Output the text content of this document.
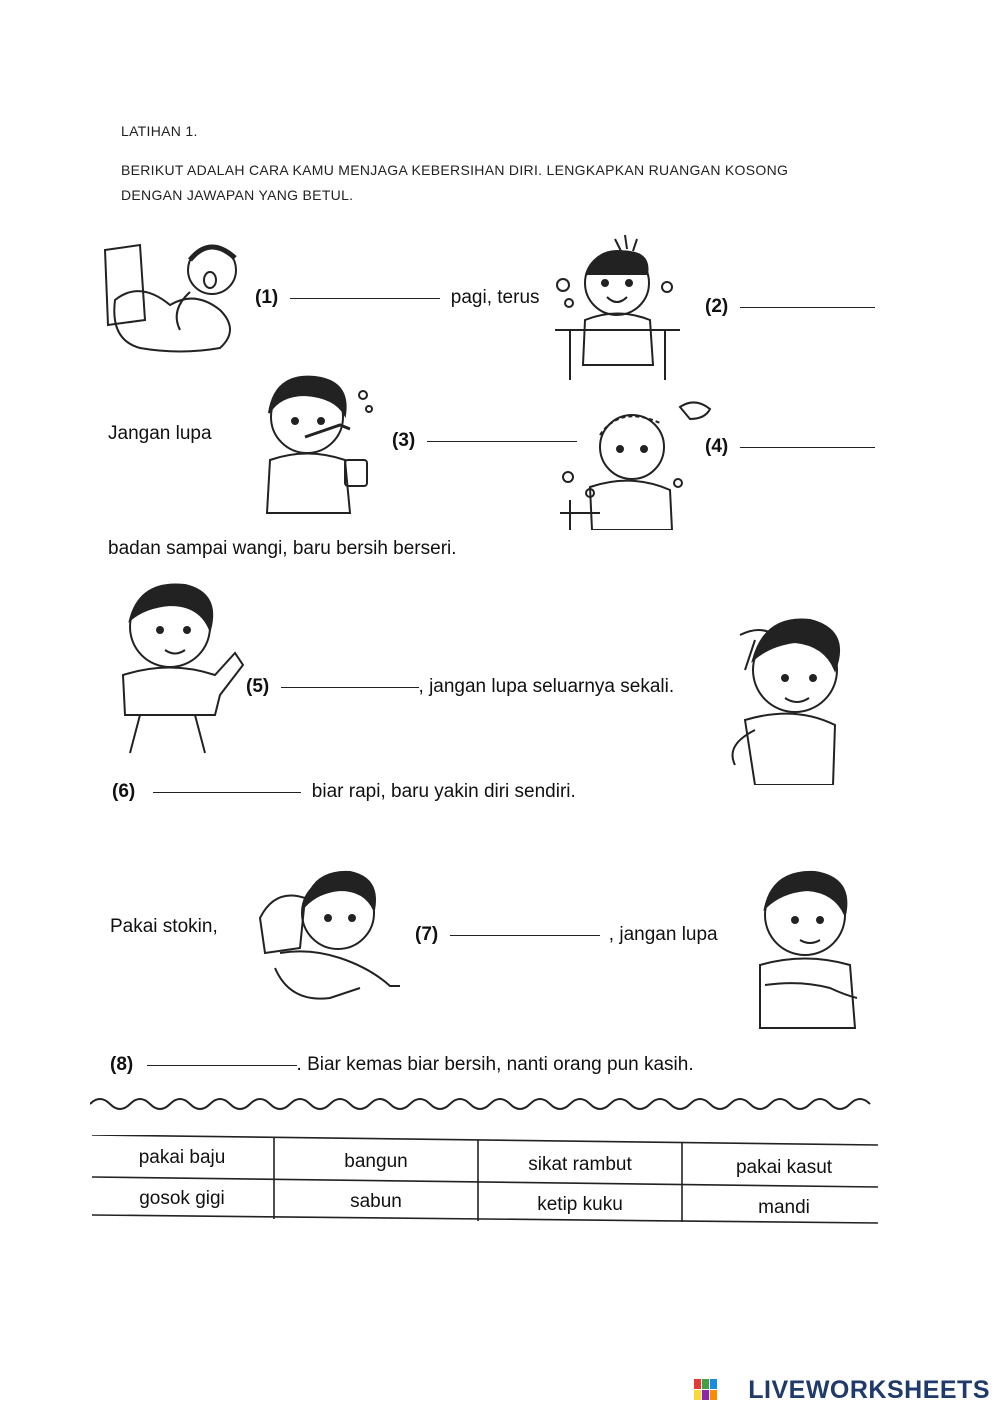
LATIHAN 1.
BERIKUT ADALAH CARA KAMU MENJAGA KEBERSIHAN DIRI. LENGKAPKAN RUANGAN KOSONG
DENGAN JAWAPAN YANG BETUL.
(1)	pagi, terus	(2)
Jangan lupa	(3)	(4)
badan sampai wangi, baru bersih berseri.
(5)	, jangan lupa seluarnya sekali.
(6)	biar rapi, baru yakin diri sendiri.
Pakai stokin,	(7)	, jangan lupa
(8)	. Biar kemas biar bersih, nanti orang pun kasih.
pakai baju	bangun	sikat rambut	pakai kasut
gosok gigi	sabun	ketip kuku	mandi
LIVEWORKSHEETS
